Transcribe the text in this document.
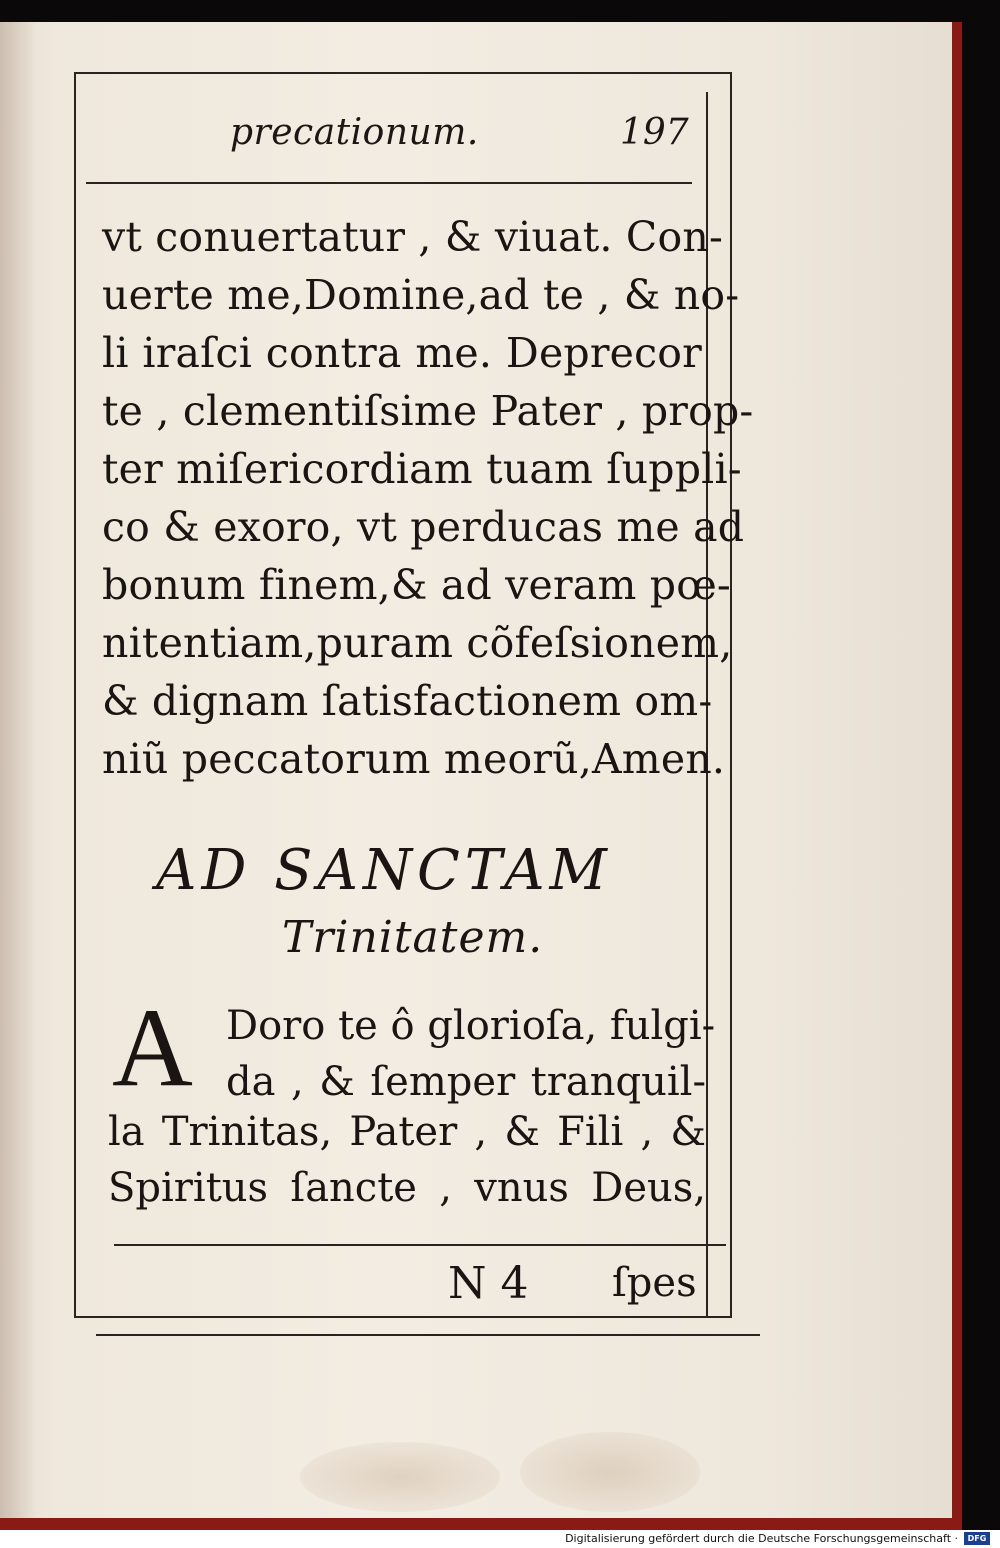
precationum.	197
vt conuertatur , & viuat. Con-
uerte me,Domine,ad te , & no-
li iraſci contra me. Deprecor
te , clementiſsime Pater , prop-
ter miſericordiam tuam ſuppli-
co & exoro, vt perducas me ad
bonum finem,& ad veram pœ-
nitentiam,puram cõfeſsionem,
& dignam ſatisfactionem om-
niũ peccatorum meorũ,Amen.
AD SANCTAM
Trinitatem.
A Doro te ô glorioſa, fulgi-
da , & ſemper tranquil-
la Trinitas, Pater , & Fili , &
Spiritus ſancte , vnus Deus,
N 4 ſpes
Digitalisierung gefördert durch die Deutsche Forschungsgemeinschaft ·	DFG
